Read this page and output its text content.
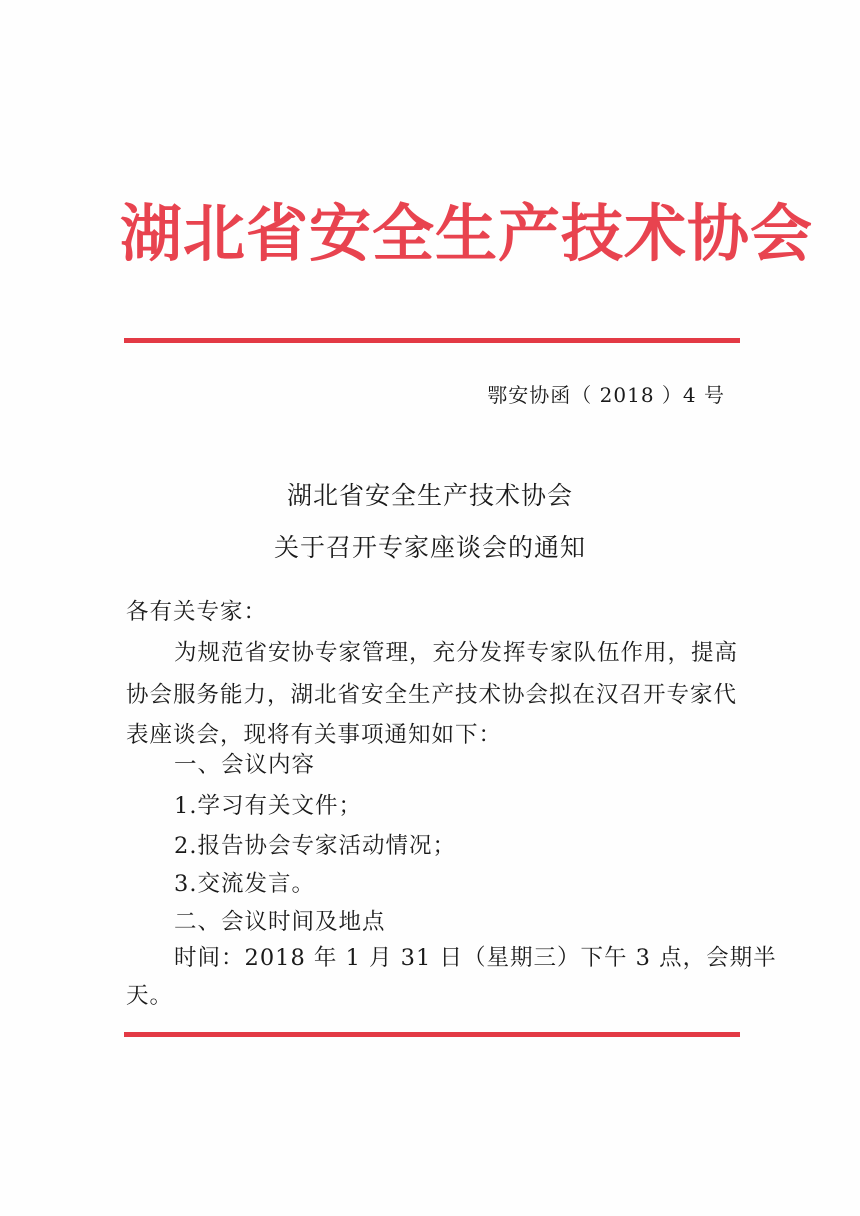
湖北省安全生产技术协会
鄂安协函（ 2018 ）4 号
湖北省安全生产技术协会
关于召开专家座谈会的通知
各有关专家：
为规范省安协专家管理，充分发挥专家队伍作用，提高
协会服务能力，湖北省安全生产技术协会拟在汉召开专家代
表座谈会，现将有关事项通知如下：
一、会议内容
1.学习有关文件；
2.报告协会专家活动情况；
3.交流发言。
二、会议时间及地点
时间：2018 年 1 月 31 日（星期三）下午 3 点，会期半
天。
